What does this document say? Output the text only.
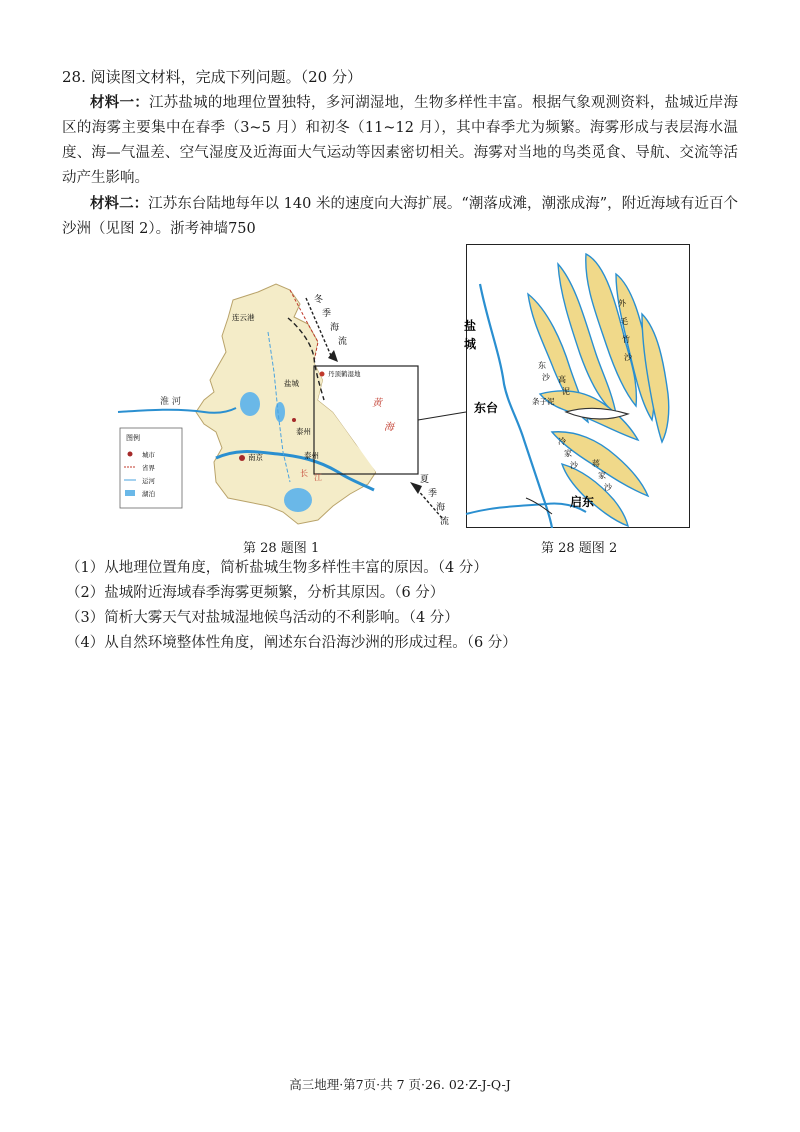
28. 阅读图文材料，完成下列问题。（20 分）
材料一：江苏盐城的地理位置独特，多河湖湿地，生物多样性丰富。根据气象观测资料，盐城近岸海区的海雾主要集中在春季（3~5 月）和初冬（11~12 月），其中春季尤为频繁。海雾形成与表层海水温度、海—气温差、空气湿度及近海面大气运动等因素密切相关。海雾对当地的鸟类觅食、导航、交流等活动产生影响。
材料二：江苏东台陆地每年以 140 米的速度向大海扩展。“潮落成滩，潮涨成海”，附近海域有近百个沙洲（见图 2）。浙考神墙750
连云港
淮 河
盐城
丹顶鹤湿地
黄
海
南京
泰州
泰州
长 江
冬
季
海
流
夏
季
海
流
图例
城市
省界
运河
湖泊
盐
城
东台
启东
外
毛
竹
沙
东
沙 高
泥
条子泥
冷
家
沙 蒋
家
沙
第 28 题图 1	第 28 题图 2
（1）从地理位置角度，简析盐城生物多样性丰富的原因。（4 分）
（2）盐城附近海域春季海雾更频繁，分析其原因。（6 分）
（3）简析大雾天气对盐城湿地候鸟活动的不利影响。（4 分）
（4）从自然环境整体性角度，阐述东台沿海沙洲的形成过程。（6 分）
高三地理·第7页·共 7 页·26. 02·Z-J-Q-J
